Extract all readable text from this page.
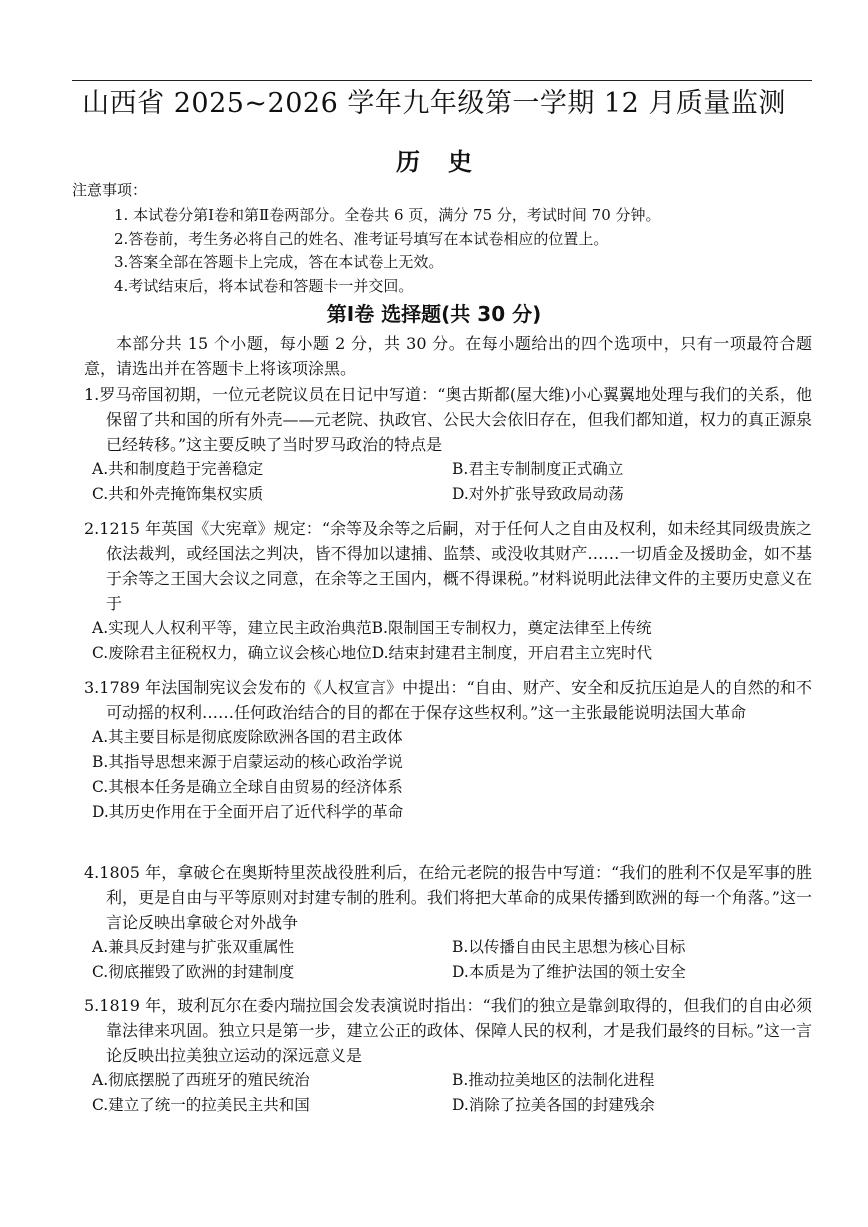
山西省 2025~2026 学年九年级第一学期 12 月质量监测
历 史
注意事项：
1. 本试卷分第Ⅰ卷和第Ⅱ卷两部分。全卷共 6 页，满分 75 分，考试时间 70 分钟。
2.答卷前，考生务必将自己的姓名、准考证号填写在本试卷相应的位置上。
3.答案全部在答题卡上完成，答在本试卷上无效。
4.考试结束后，将本试卷和答题卡一并交回。
第Ⅰ卷 选择题(共 30 分)
本部分共 15 个小题，每小题 2 分，共 30 分。在每小题给出的四个选项中，只有一项最符合题意，请选出并在答题卡上将该项涂黑。
1.罗马帝国初期，一位元老院议员在日记中写道：“奥古斯都(屋大维)小心翼翼地处理与我们的关系，他保留了共和国的所有外壳——元老院、执政官、公民大会依旧存在，但我们都知道，权力的真正源泉已经转移。”这主要反映了当时罗马政治的特点是
A.共和制度趋于完善稳定	B.君主专制制度正式确立
C.共和外壳掩饰集权实质	D.对外扩张导致政局动荡
2.1215 年英国《大宪章》规定：“余等及余等之后嗣，对于任何人之自由及权利，如未经其同级贵族之依法裁判，或经国法之判决，皆不得加以逮捕、监禁、或没收其财产……一切盾金及援助金，如不基于余等之王国大会议之同意，在余等之王国内，概不得课税。”材料说明此法律文件的主要历史意义在于
A.实现人人权利平等，建立民主政治典范 B.限制国王专制权力，奠定法律至上传统
C.废除君主征税权力，确立议会核心地位 D.结束封建君主制度，开启君主立宪时代
3.1789 年法国制宪议会发布的《人权宣言》中提出：“自由、财产、安全和反抗压迫是人的自然的和不可动摇的权利……任何政治结合的目的都在于保存这些权利。”这一主张最能说明法国大革命
A.其主要目标是彻底废除欧洲各国的君主政体
B.其指导思想来源于启蒙运动的核心政治学说
C.其根本任务是确立全球自由贸易的经济体系
D.其历史作用在于全面开启了近代科学的革命
4.1805 年，拿破仑在奥斯特里茨战役胜利后，在给元老院的报告中写道：“我们的胜利不仅是军事的胜利，更是自由与平等原则对封建专制的胜利。我们将把大革命的成果传播到欧洲的每一个角落。”这一言论反映出拿破仑对外战争
A.兼具反封建与扩张双重属性	B.以传播自由民主思想为核心目标
C.彻底摧毁了欧洲的封建制度	D.本质是为了维护法国的领土安全
5.1819 年，玻利瓦尔在委内瑞拉国会发表演说时指出：“我们的独立是靠剑取得的，但我们的自由必须靠法律来巩固。独立只是第一步，建立公正的政体、保障人民的权利，才是我们最终的目标。”这一言论反映出拉美独立运动的深远意义是
A.彻底摆脱了西班牙的殖民统治	B.推动拉美地区的法制化进程
C.建立了统一的拉美民主共和国	D.消除了拉美各国的封建残余
